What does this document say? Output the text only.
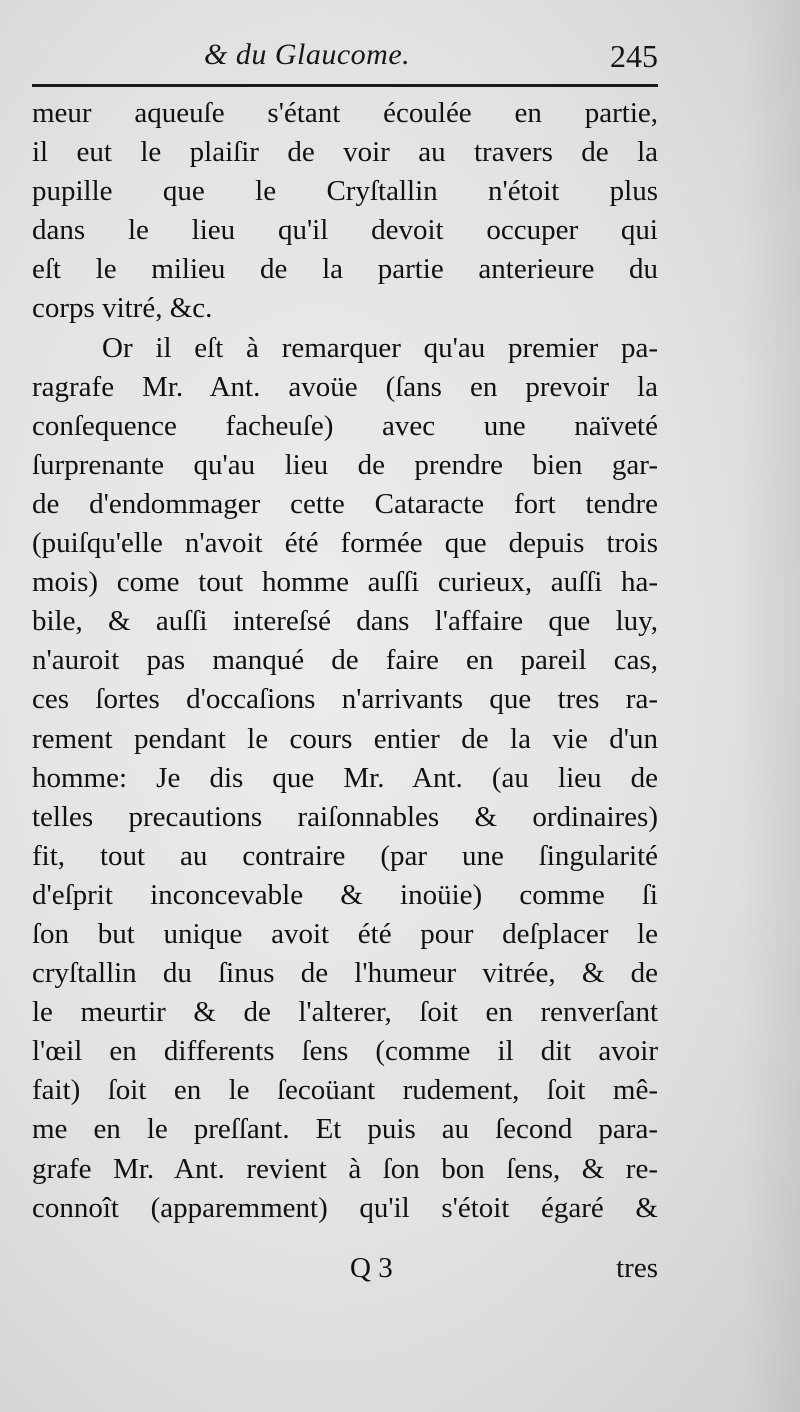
& du Glaucome.	245
meur aqueuſe s'étant écoulée en partie,
il eut le plaiſir de voir au travers de la
pupille que le Cryſtallin n'étoit plus
dans le lieu qu'il devoit occuper qui
eſt le milieu de la partie anterieure du
corps vitré, &c.
Or il eſt à remarquer qu'au premier pa-
ragrafe Mr. Ant. avoüe (ſans en prevoir la
conſequence facheuſe) avec une naïveté
ſurprenante qu'au lieu de prendre bien gar-
de d'endommager cette Cataracte fort tendre
(puiſqu'elle n'avoit été formée que depuis trois
mois) come tout homme auſſi curieux, auſſi ha-
bile, & auſſi intereſsé dans l'affaire que luy,
n'auroit pas manqué de faire en pareil cas,
ces ſortes d'occaſions n'arrivants que tres ra-
rement pendant le cours entier de la vie d'un
homme: Je dis que Mr. Ant. (au lieu de
telles precautions raiſonnables & ordinaires)
fit, tout au contraire (par une ſingularité
d'eſprit inconcevable & inoüie) comme ſi
ſon but unique avoit été pour deſplacer le
cryſtallin du ſinus de l'humeur vitrée, & de
le meurtir & de l'alterer, ſoit en renverſant
l'œil en differents ſens (comme il dit avoir
fait) ſoit en le ſecoüant rudement, ſoit mê-
me en le preſſant. Et puis au ſecond para-
grafe Mr. Ant. revient à ſon bon ſens, & re-
connoît (apparemment) qu'il s'étoit égaré &
Q 3	tres
